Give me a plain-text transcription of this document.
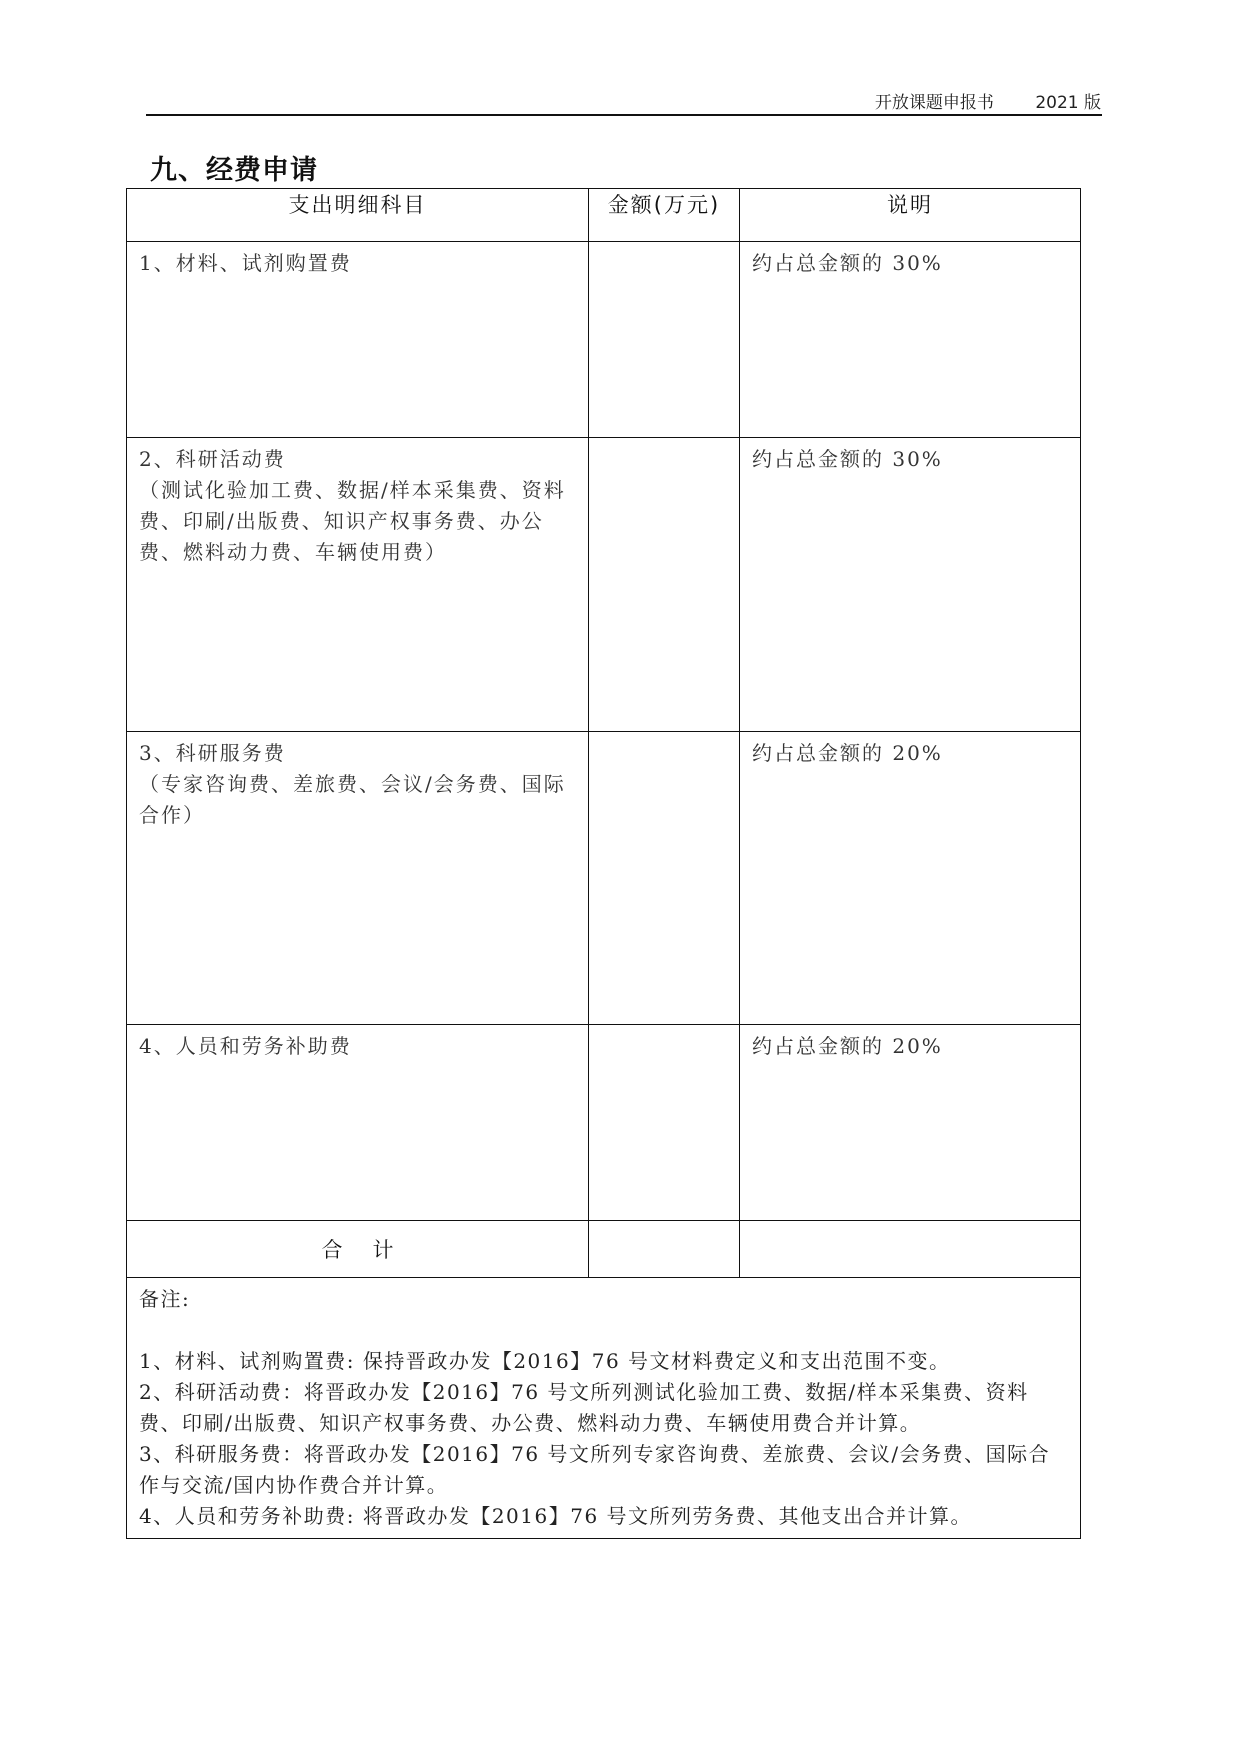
开放课题申报书 2021 版
九、经费申请
支出明细科目	金额(万元)	说明

1、材料、试剂购置费		约占总金额的 30%

2、科研活动费
（测试化验加工费、数据/样本采集费、资料费、印刷/出版费、知识产权事务费、办公费、燃料动力费、车辆使用费）		约占总金额的 30%

3、科研服务费
（专家咨询费、差旅费、会议/会务费、国际合作）		约占总金额的 20%

4、人员和劳务补助费		约占总金额的 20%

合计	

备注:
1、材料、试剂购置费: 保持晋政办发【2016】76 号文材料费定义和支出范围不变。
2、科研活动费：将晋政办发【2016】76 号文所列测试化验加工费、数据/样本采集费、资料费、印刷/出版费、知识产权事务费、办公费、燃料动力费、车辆使用费合并计算。
3、科研服务费：将晋政办发【2016】76 号文所列专家咨询费、差旅费、会议/会务费、国际合作与交流/国内协作费合并计算。
4、人员和劳务补助费: 将晋政办发【2016】76 号文所列劳务费、其他支出合并计算。		
